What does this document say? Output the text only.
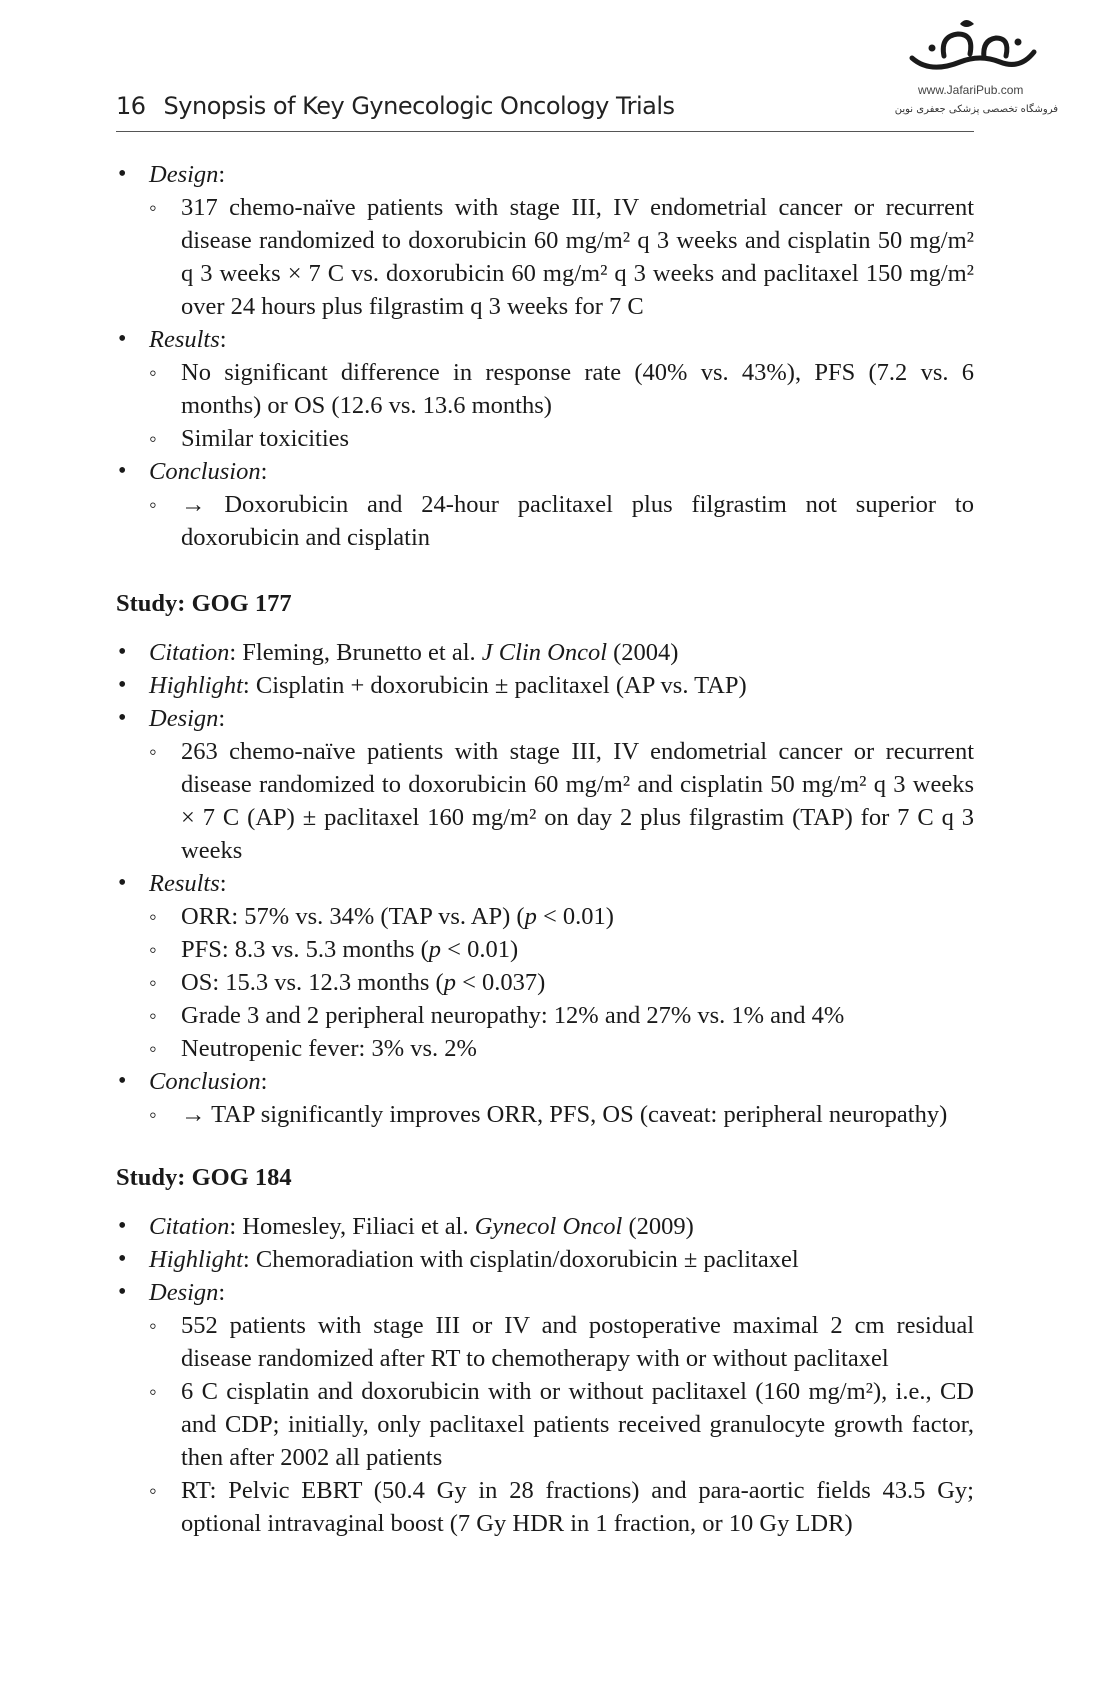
16 Synopsis of Key Gynecologic Oncology Trials
www.JafariPub.com
فروشگاه تخصصی پزشکی جعفری نوین
• Design:
◦ 317 chemo-naïve patients with stage III, IV endometrial cancer or recurrent disease randomized to doxorubicin 60 mg/m² q 3 weeks and cisplatin 50 mg/m² q 3 weeks × 7 C vs. doxorubicin 60 mg/m² q 3 weeks and paclitaxel 150 mg/m² over 24 hours plus filgrastim q 3 weeks for 7 C
• Results:
◦ No significant difference in response rate (40% vs. 43%), PFS (7.2 vs. 6 months) or OS (12.6 vs. 13.6 months)
◦ Similar toxicities
• Conclusion:
◦ → Doxorubicin and 24-hour paclitaxel plus filgrastim not superior to doxorubicin and cisplatin
Study: GOG 177
• Citation: Fleming, Brunetto et al. J Clin Oncol (2004)
• Highlight: Cisplatin + doxorubicin ± paclitaxel (AP vs. TAP)
• Design:
◦ 263 chemo-naïve patients with stage III, IV endometrial cancer or recurrent disease randomized to doxorubicin 60 mg/m² and cisplatin 50 mg/m² q 3 weeks × 7 C (AP) ± paclitaxel 160 mg/m² on day 2 plus filgrastim (TAP) for 7 C q 3 weeks
• Results:
◦ ORR: 57% vs. 34% (TAP vs. AP) (p < 0.01)
◦ PFS: 8.3 vs. 5.3 months (p < 0.01)
◦ OS: 15.3 vs. 12.3 months (p < 0.037)
◦ Grade 3 and 2 peripheral neuropathy: 12% and 27% vs. 1% and 4%
◦ Neutropenic fever: 3% vs. 2%
• Conclusion:
◦ → TAP significantly improves ORR, PFS, OS (caveat: peripheral neuropathy)
Study: GOG 184
• Citation: Homesley, Filiaci et al. Gynecol Oncol (2009)
• Highlight: Chemoradiation with cisplatin/doxorubicin ± paclitaxel
• Design:
◦ 552 patients with stage III or IV and postoperative maximal 2 cm residual disease randomized after RT to chemotherapy with or without paclitaxel
◦ 6 C cisplatin and doxorubicin with or without paclitaxel (160 mg/m²), i.e., CD and CDP; initially, only paclitaxel patients received granulocyte growth factor, then after 2002 all patients
◦ RT: Pelvic EBRT (50.4 Gy in 28 fractions) and para-aortic fields 43.5 Gy; optional intravaginal boost (7 Gy HDR in 1 fraction, or 10 Gy LDR)
